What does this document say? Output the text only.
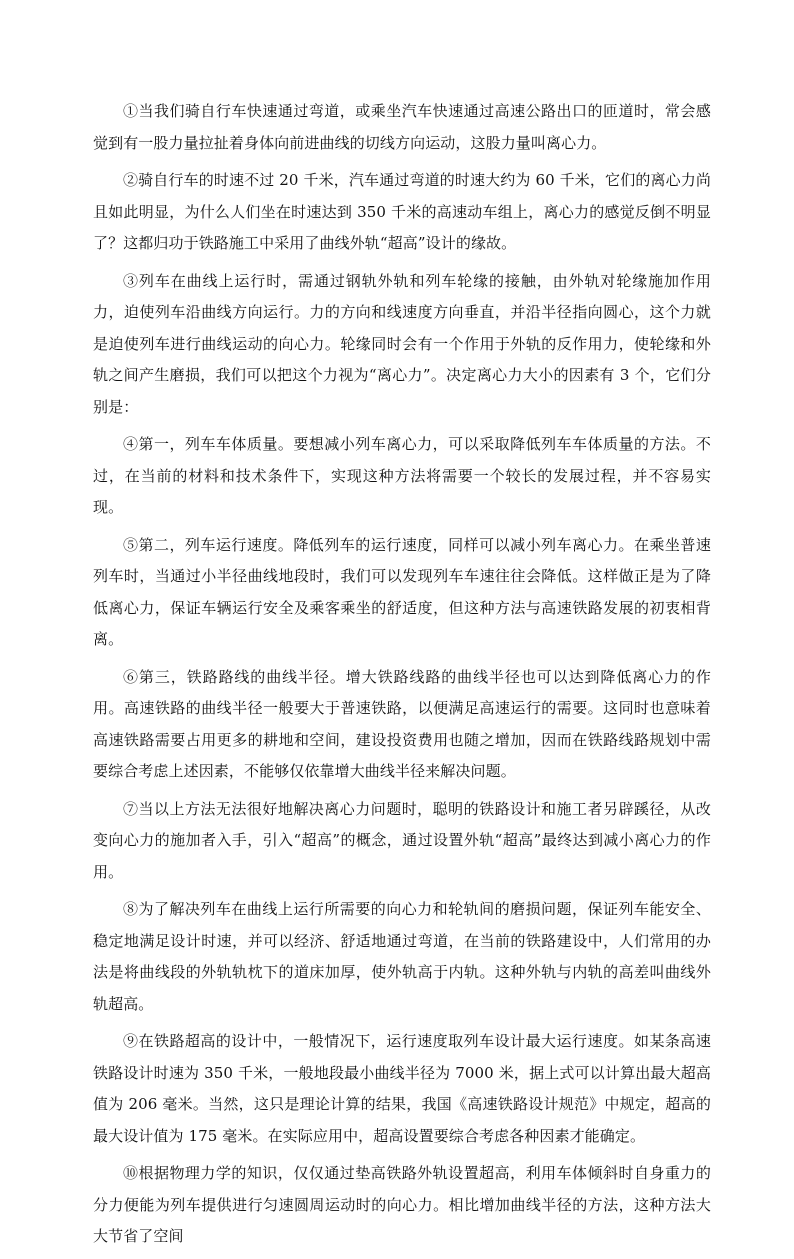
①当我们骑自行车快速通过弯道，或乘坐汽车快速通过高速公路出口的匝道时，常会感觉到有一股力量拉扯着身体向前进曲线的切线方向运动，这股力量叫离心力。

②骑自行车的时速不过 20 千米，汽车通过弯道的时速大约为 60 千米，它们的离心力尚且如此明显，为什么人们坐在时速达到 350 千米的高速动车组上，离心力的感觉反倒不明显了？这都归功于铁路施工中采用了曲线外轨“超高”设计的缘故。

③列车在曲线上运行时，需通过钢轨外轨和列车轮缘的接触，由外轨对轮缘施加作用力，迫使列车沿曲线方向运行。力的方向和线速度方向垂直，并沿半径指向圆心，这个力就是迫使列车进行曲线运动的向心力。轮缘同时会有一个作用于外轨的反作用力，使轮缘和外轨之间产生磨损，我们可以把这个力视为“离心力”。决定离心力大小的因素有 3 个，它们分别是：

④第一，列车车体质量。要想减小列车离心力，可以采取降低列车车体质量的方法。不过，在当前的材料和技术条件下，实现这种方法将需要一个较长的发展过程，并不容易实现。

⑤第二，列车运行速度。降低列车的运行速度，同样可以减小列车离心力。在乘坐普速列车时，当通过小半径曲线地段时，我们可以发现列车车速往往会降低。这样做正是为了降低离心力，保证车辆运行安全及乘客乘坐的舒适度，但这种方法与高速铁路发展的初衷相背离。

⑥第三，铁路路线的曲线半径。增大铁路线路的曲线半径也可以达到降低离心力的作用。高速铁路的曲线半径一般要大于普速铁路，以便满足高速运行的需要。这同时也意味着高速铁路需要占用更多的耕地和空间，建设投资费用也随之增加，因而在铁路线路规划中需要综合考虑上述因素，不能够仅依靠增大曲线半径来解决问题。

⑦当以上方法无法很好地解决离心力问题时，聪明的铁路设计和施工者另辟蹊径，从改变向心力的施加者入手，引入“超高”的概念，通过设置外轨“超高”最终达到减小离心力的作用。

⑧为了解决列车在曲线上运行所需要的向心力和轮轨间的磨损问题，保证列车能安全、稳定地满足设计时速，并可以经济、舒适地通过弯道，在当前的铁路建设中，人们常用的办法是将曲线段的外轨轨枕下的道床加厚，使外轨高于内轨。这种外轨与内轨的高差叫曲线外轨超高。

⑨在铁路超高的设计中，一般情况下，运行速度取列车设计最大运行速度。如某条高速铁路设计时速为 350 千米，一般地段最小曲线半径为 7000 米，据上式可以计算出最大超高值为 206 毫米。当然，这只是理论计算的结果，我国《高速铁路设计规范》中规定，超高的最大设计值为 175 毫米。在实际应用中，超高设置要综合考虑各种因素才能确定。

⑩根据物理力学的知识，仅仅通过垫高铁路外轨设置超高，利用车体倾斜时自身重力的分力便能为列车提供进行匀速圆周运动时的向心力。相比增加曲线半径的方法，这种方法大大节省了空间
